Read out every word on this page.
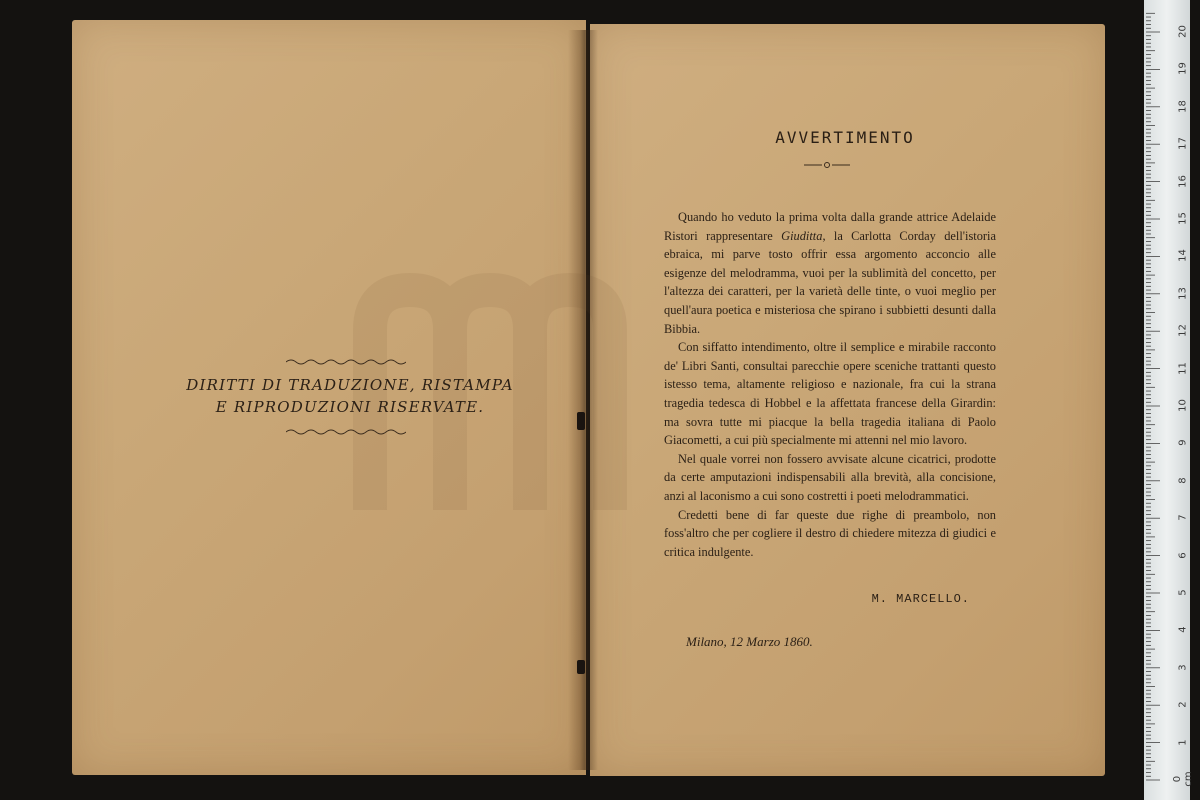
DIRITTI DI TRADUZIONE, RISTAMPA
E RIPRODUZIONI RISERVATE.
AVVERTIMENTO

Quando ho veduto la prima volta dalla grande attrice Adelaide Ristori rappresentare Giuditta, la Carlotta Corday dell'istoria ebraica, mi parve tosto offrir essa argomento acconcio alle esigenze del melodramma, vuoi per la sublimità del concetto, per l'altezza dei caratteri, per la varietà delle tinte, o vuoi meglio per quell'aura poetica e misteriosa che spirano i subbietti desunti dalla Bibbia.

Con siffatto intendimento, oltre il semplice e mirabile racconto de' Libri Santi, consultai parecchie opere sceniche trattanti questo istesso tema, altamente religioso e nazionale, fra cui la strana tragedia tedesca di Hobbel e la affettata francese della Girardin: ma sovra tutte mi piacque la bella tragedia italiana di Paolo Giacometti, a cui più specialmente mi attenni nel mio lavoro.

Nel quale vorrei non fossero avvisate alcune cicatrici, prodotte da certe amputazioni indispensabili alla brevità, alla concisione, anzi al laconismo a cui sono costretti i poeti melodrammatici.

Credetti bene di far queste due righe di preambolo, non foss'altro che per cogliere il destro di chiedere mitezza di giudici e critica indulgente.

M. MARCELLO.
Milano, 12 Marzo 1860.
0 cm
1
2
3
4
5
6
7
8
9
10
11
12
13
14
15
16
17
18
19
20
